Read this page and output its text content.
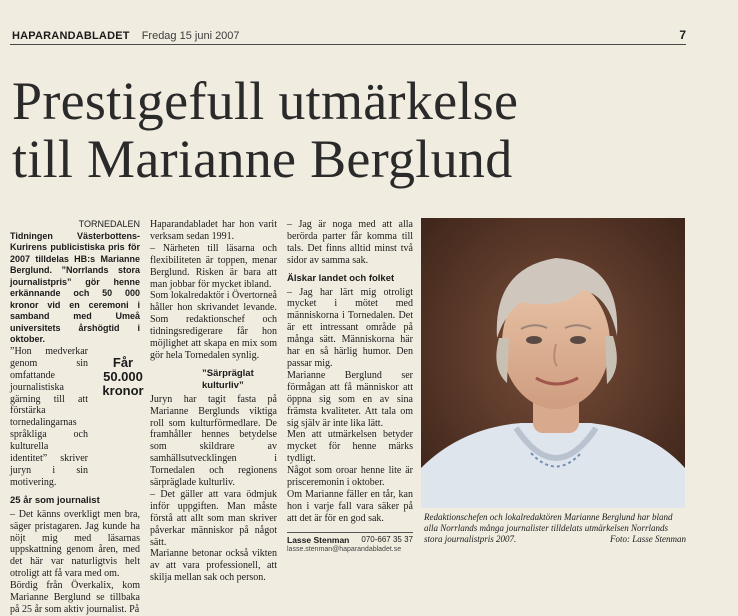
HAPARANDABLADET Fredag 15 juni 2007	7
Prestigefull utmärkelse
till Marianne Berglund

TORNEDALEN

Tidningen Västerbottens-Kurirens publicistiska pris för 2007 tilldelas HB:s Marianne Berglund. ”Norrlands stora journalistpris” gör henne erkännande och 50 000 kronor vid en ceremoni i samband med Umeå universitets årshögtid i oktober.

”Hon medverkar genom sin omfattande journalistiska gärning till att förstärka tornedalingarnas språkliga och kulturella identitet” skriver juryn i sin motivering.

25 år som journalist

– Det känns overkligt men bra, säger pristagaren. Jag kunde ha nöjt mig med läsarnas uppskattning genom åren, med det här var naturligtvis helt otroligt att få vara med om.

Bördig från Överkalix, kom Marianne Berglund se tillbaka på 25 år som aktiv journalist. På

Får
50.000
kronor

Haparandabladet har hon varit verksam sedan 1991.

– Närheten till läsarna och flexibiliteten är toppen, menar Berglund. Risken är bara att man jobbar för mycket ibland.

Som lokalredaktör i Övertorneå håller hon skrivandet levande. Som redaktionschef och tidningsredigerare får hon möjlighet att skapa en mix som gör hela Tornedalen synlig.

”Särpräglat kulturliv”

Juryn har tagit fasta på Marianne Berglunds viktiga roll som kulturförmedlare. De framhåller hennes betydelse som skildrare av samhällsutvecklingen i Tornedalen och regionens särpräglade kulturliv.

– Det gäller att vara ödmjuk inför uppgiften. Man måste förstå att allt som man skriver påverkar människor på något sätt.

Marianne betonar också vikten av att vara professionell, att skilja mellan sak och person.

– Jag är noga med att alla berörda parter får komma till tals. Det finns alltid minst två sidor av samma sak.

Älskar landet och folket

– Jag har lärt mig otroligt mycket i mötet med människorna i Tornedalen. Det är ett intressant område på många sätt. Människorna här har en så härlig humor. Den passar mig.

Marianne Berglund ser förmågan att få människor att öppna sig som en av sina främsta kvaliteter. Att tala om sig själv är inte lika lätt.

Men att utmärkelsen betyder mycket för henne märks tydligt.

Något som oroar henne lite är prisceremonin i oktober.

Om Marianne fäller en tår, kan hon i varje fall vara säker på att det är för en god sak.

Lasse Stenman 070-667 35 37
lasse.stenman@haparandabladet.se
Redaktionschefen och lokalredaktören Marianne Berglund har bland alla Norrlands många journalister tilldelats utmärkelsen Norrlands stora journalistpris 2007.	Foto: Lasse Stenman
